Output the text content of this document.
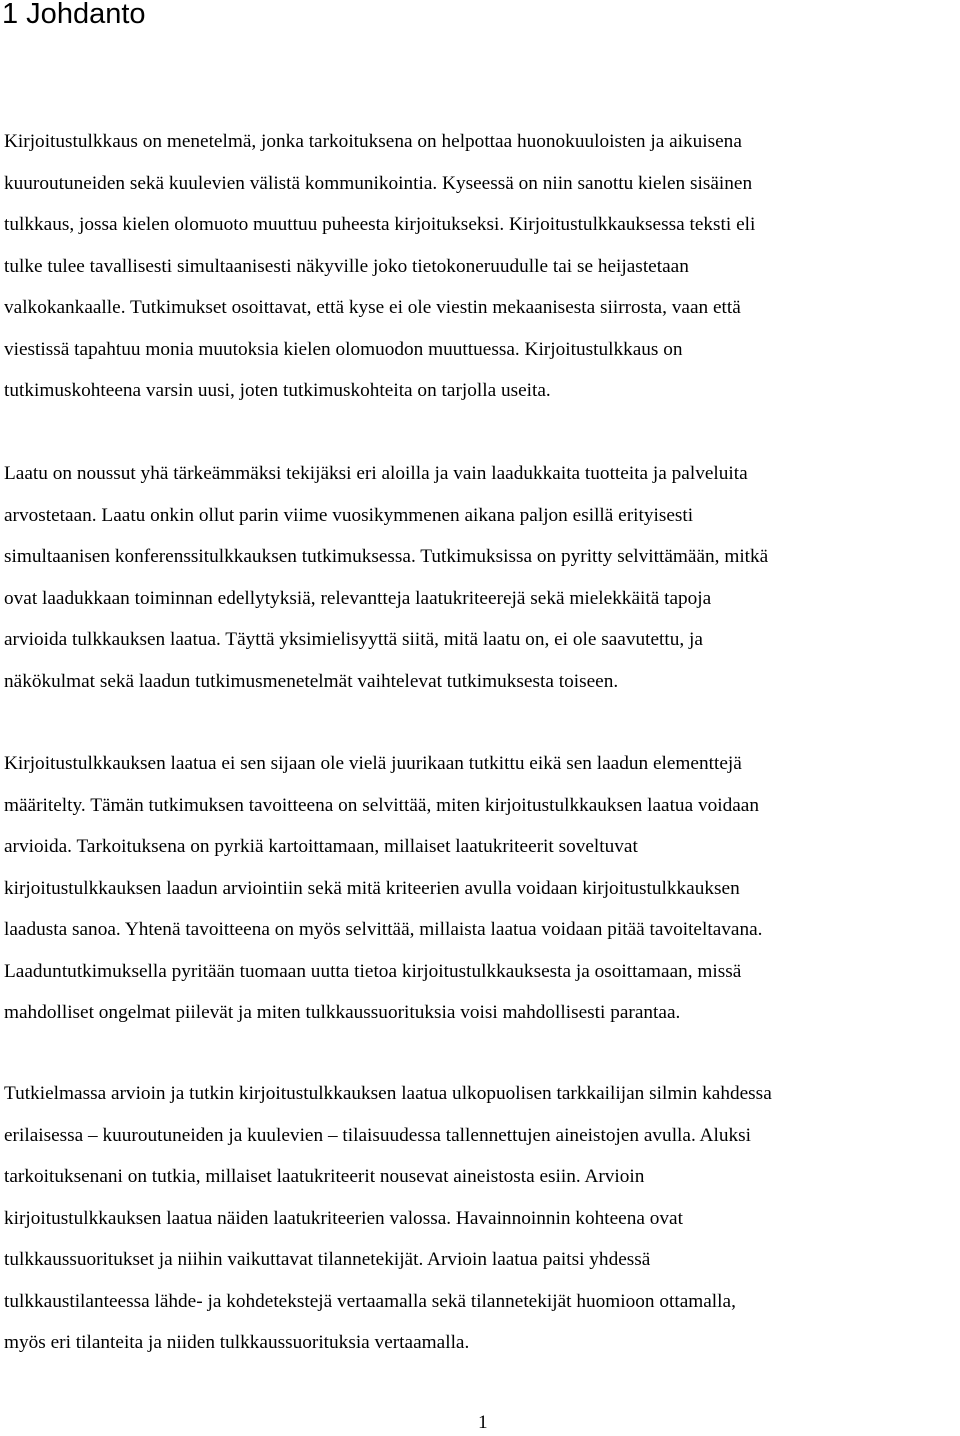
1 Johdanto

Kirjoitustulkkaus on menetelmä, jonka tarkoituksena on helpottaa huonokuuloisten ja aikuisena
kuuroutuneiden sekä kuulevien välistä kommunikointia. Kyseessä on niin sanottu kielen sisäinen
tulkkaus, jossa kielen olomuoto muuttuu puheesta kirjoitukseksi. Kirjoitustulkkauksessa teksti eli
tulke tulee tavallisesti simultaanisesti näkyville joko tietokoneruudulle tai se heijastetaan
valkokankaalle. Tutkimukset osoittavat, että kyse ei ole viestin mekaanisesta siirrosta, vaan että
viestissä tapahtuu monia muutoksia kielen olomuodon muuttuessa. Kirjoitustulkkaus on
tutkimuskohteena varsin uusi, joten tutkimuskohteita on tarjolla useita.

Laatu on noussut yhä tärkeämmäksi tekijäksi eri aloilla ja vain laadukkaita tuotteita ja palveluita
arvostetaan. Laatu onkin ollut parin viime vuosikymmenen aikana paljon esillä erityisesti
simultaanisen konferenssitulkkauksen tutkimuksessa. Tutkimuksissa on pyritty selvittämään, mitkä
ovat laadukkaan toiminnan edellytyksiä, relevantteja laatukriteerejä sekä mielekkäitä tapoja
arvioida tulkkauksen laatua. Täyttä yksimielisyyttä siitä, mitä laatu on, ei ole saavutettu, ja
näkökulmat sekä laadun tutkimusmenetelmät vaihtelevat tutkimuksesta toiseen.

Kirjoitustulkkauksen laatua ei sen sijaan ole vielä juurikaan tutkittu eikä sen laadun elementtejä
määritelty. Tämän tutkimuksen tavoitteena on selvittää, miten kirjoitustulkkauksen laatua voidaan
arvioida. Tarkoituksena on pyrkiä kartoittamaan, millaiset laatukriteerit soveltuvat
kirjoitustulkkauksen laadun arviointiin sekä mitä kriteerien avulla voidaan kirjoitustulkkauksen
laadusta sanoa. Yhtenä tavoitteena on myös selvittää, millaista laatua voidaan pitää tavoiteltavana.
Laaduntutkimuksella pyritään tuomaan uutta tietoa kirjoitustulkkauksesta ja osoittamaan, missä
mahdolliset ongelmat piilevät ja miten tulkkaussuorituksia voisi mahdollisesti parantaa.

Tutkielmassa arvioin ja tutkin kirjoitustulkkauksen laatua ulkopuolisen tarkkailijan silmin kahdessa
erilaisessa – kuuroutuneiden ja kuulevien – tilaisuudessa tallennettujen aineistojen avulla. Aluksi
tarkoituksenani on tutkia, millaiset laatukriteerit nousevat aineistosta esiin. Arvioin
kirjoitustulkkauksen laatua näiden laatukriteerien valossa. Havainnoinnin kohteena ovat
tulkkaussuoritukset ja niihin vaikuttavat tilannetekijät. Arvioin laatua paitsi yhdessä
tulkkaustilanteessa lähde- ja kohdetekstejä vertaamalla sekä tilannetekijät huomioon ottamalla,
myös eri tilanteita ja niiden tulkkaussuorituksia vertaamalla.

1
